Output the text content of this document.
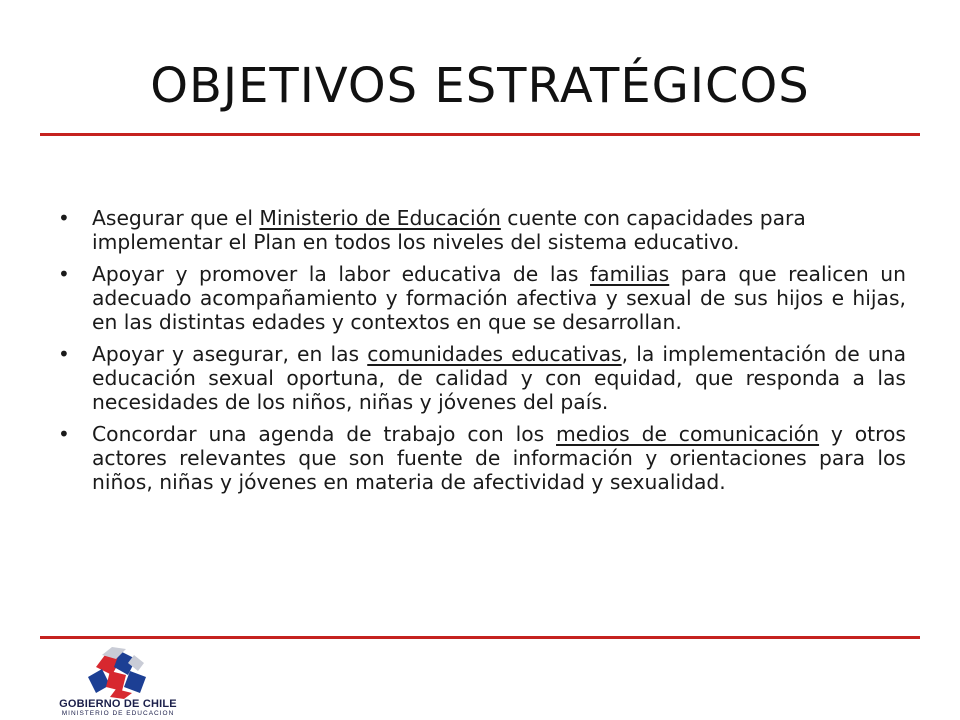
OBJETIVOS ESTRATÉGICOS
• Asegurar que el Ministerio de Educación cuente con capacidades para implementar el Plan en todos los niveles del sistema educativo.
• Apoyar y promover la labor educativa de las familias para que realicen un adecuado acompañamiento y formación afectiva y sexual de sus hijos e hijas, en las distintas edades y contextos en que se desarrollan.
• Apoyar y asegurar, en las comunidades educativas, la implementación de una educación sexual oportuna, de calidad y con equidad, que responda a las necesidades de los niños, niñas y jóvenes del país.
• Concordar una agenda de trabajo con los medios de comunicación y otros actores relevantes que son fuente de información y orientaciones para los niños, niñas y jóvenes en materia de afectividad y sexualidad.
GOBIERNO DE CHILE
MINISTERIO DE EDUCACION
